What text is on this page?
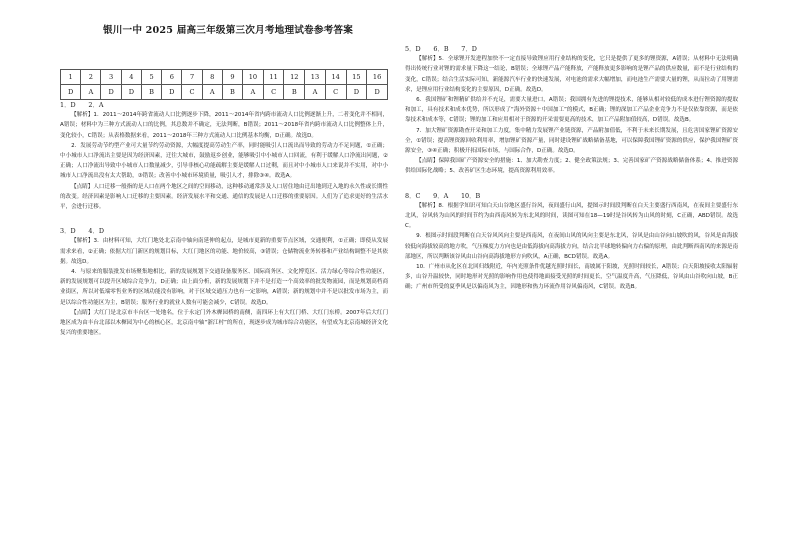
银川一中 2025 届高三年级第三次月考地理试卷参考答案
1	2	3	4	5	6	7	8	9	10	11	12	13	14	15	16
D	A	D	D	B	D	C	A	B	A	C	B	A	C	D	D

1．D　　2．A

【解析】1．2011～2014年跨省流动人口比例逐步下降，2011～2014年省内跨市流动人口比例逐渐上升，二者变化并不相同，A错误；材料中为三种方式流动人口的比例，其总数并不确定，无法判断，B错误；2011～2018年省内跨市流动人口比例整体上升，变化较小，C错误；从表格数据来看，2011～2018年三种方式流动人口比例基本均衡，D正确。故选D。

2．发展劳动节约型产业可大量节约劳动资源，大幅度提高劳动生产率，同时能吸引人口流出而导致的劳动力不足问题，①正确；中小城市人口净流出主要是因为经济因素，迁往大城市，鼓励返乡创业，能够吸引中小城市人口回流，有利于缓解人口净流出问题，②正确；人口净流出导致中小城市人口数量减少，引导非核心功能疏解主要是缓解人口过剩，而且对中小城市人口来说并不实用，对中小城市人口净流出没有太大帮助，③错误；改善中小城市环境质量，吸引人才，排除③④。故选A。

【点睛】人口迁移一般指的是人口在两个地区之间的空间移动，这种移动通常涉及人口居住地由迁出地到迁入地的永久性或长期性的改变。经济因素是影响人口迁移的主要因素。经济发展水平和交通、通信的发展是人口迁移的重要原因。人们为了追求更好的生活水平，会进行迁移。

3．D　　4．D

【解析】3．由材料可知，大红门地处北京南中轴向南延伸的起点，是城市更新的重要节点区域，交通便利，①正确；即使从发展需求来看，②正确；依据大红门新区的规划目标，大红门地区的功能、地价较高，③错误；仓储物流业务转移和产业结构调整不是其依据。故选D。

4．与原来的服装批发市场聚集地相比，新的发展规划下交通设备服务区、国际商务区、文化博览区、活力绿心等综合性功能区，新的发展规划可以提升区域综合竞争力，D正确；由上面分析，新的发展规划下并不是打造一个高效率的批发物流园，而是规划高档商业街区，所以对低端零售业务的区域功能没有影响，对于区域交通压力也有一定影响，A错误；新的规划中并不是以批发市场为主，而是以综合性功能区为主，B错误；服务行业的就业人数有可能会减少，C错误。故选D。

【点睛】大红门是北京市丰台区一处地名，位于永定门外木樨园桥的南侧，南四环上有大红门桥、大红门东桥。2007年后大红门地区成为由丰台北部以木樨园为中心的核心区，北京南中轴“浙江村”的所在，现逐步成为城市综合功能区，有望成为北京南城经济文化复兴的重要地区。

5．D　　6．B　　7．D

【解析】5．全球锂开发进程加快不一定直接导致锂应用行业结构的变化，它只是提供了更多的锂资源，A错误；从材料中无法明确得出传统行业对锂的需求量下降这一结论，B错误；全球锂产品产能释放，产能释放更多影响的是锂产品的供应数量，而不是行业结构的变化，C错误；结合生活实际可知，新能源汽车行业的快速发展，对电池的需求大幅增加，而电池生产需要大量的锂，从而拉动了用锂需求，是锂应用行业结构变化的主要原因，D正确。故选D。

6．我国锂矿和锂精矿供给并不充足，需要大量进口，A错误；我国拥有先进的锂提技术，能够从相对较低的成本进行锂资源的提取和加工，具有技术和成本优势，所以形成了“海外资源＋中国加工”的模式，B正确；锂的深加工产品企业竞争力不是仅依靠资源，而是依靠技术和成本等，C错误；锂的加工和应用相对于资源的开采需要更高的技术，加工产品附加值较高，D错误。故选B。

7．加大锂矿资源勘查开采和加工力度，集中精力发展锂产业链资源，产品附加值低，不利于未来长期发展，且危害国家锂矿资源安全，①错误；提高锂资源回收利用率，增加锂矿资源产量，同时建设锂矿战略储备基地，可以保障我国锂矿资源的供应，保护我国锂矿资源安全，③④正确；积极开拓国际市场，与国际合作，D正确。故选D。

【点睛】保障我国矿产资源安全的措施：1、加大勘查力度；2、健全政策法规；3、完善国家矿产资源战略储备体系；4、推进资源供给国际化战略；5、改善矿区生态环境，提高资源利用效率。

8．C　　9．A　　10．B

【解析】8．根据学知识可知白天山谷地区盛行谷风，夜间盛行山风，提图示时间段判断在白天主要盛行西南风，在夜间主要盛行东北风，谷风转为山风的时间节约为由西南风转为东北风的时间，读图可知在18—19时是谷风转为山风的时刻，C正确，ABD错误。故选C。

9．根图示时间段判断在白天谷风风向主要是西南风，在夜间山风的风向主要是东北风，谷风是由山谷向山坡吹的风，谷风是由海拔较低向海拔较高的地方吹，气压梯度力方向也是由低海拔向高海拔方向，结合北半球地转偏向力右偏的原理，由此判断西南风的来源是南部地区，所以判断该谷风由山谷向高海拔地形方向吹风，A正确，BCD错误。故选A。

10．广州市从化区在北回归线附近，年内光照条件优越光照时间长，南坡属于阳坡，光照时间较长，A错误；白天阳坡接收太阳辐射多，山谷升温较快，同时地形对光照的影响作用也使得地面接受光照的时间更长，空气温度升高，气压降低，谷风由山谷吹向山坡，B正确；广州市所受的夏季风是以偏南风为主，因地形和热力环流作用谷风偏南风，C错误。故选B。
